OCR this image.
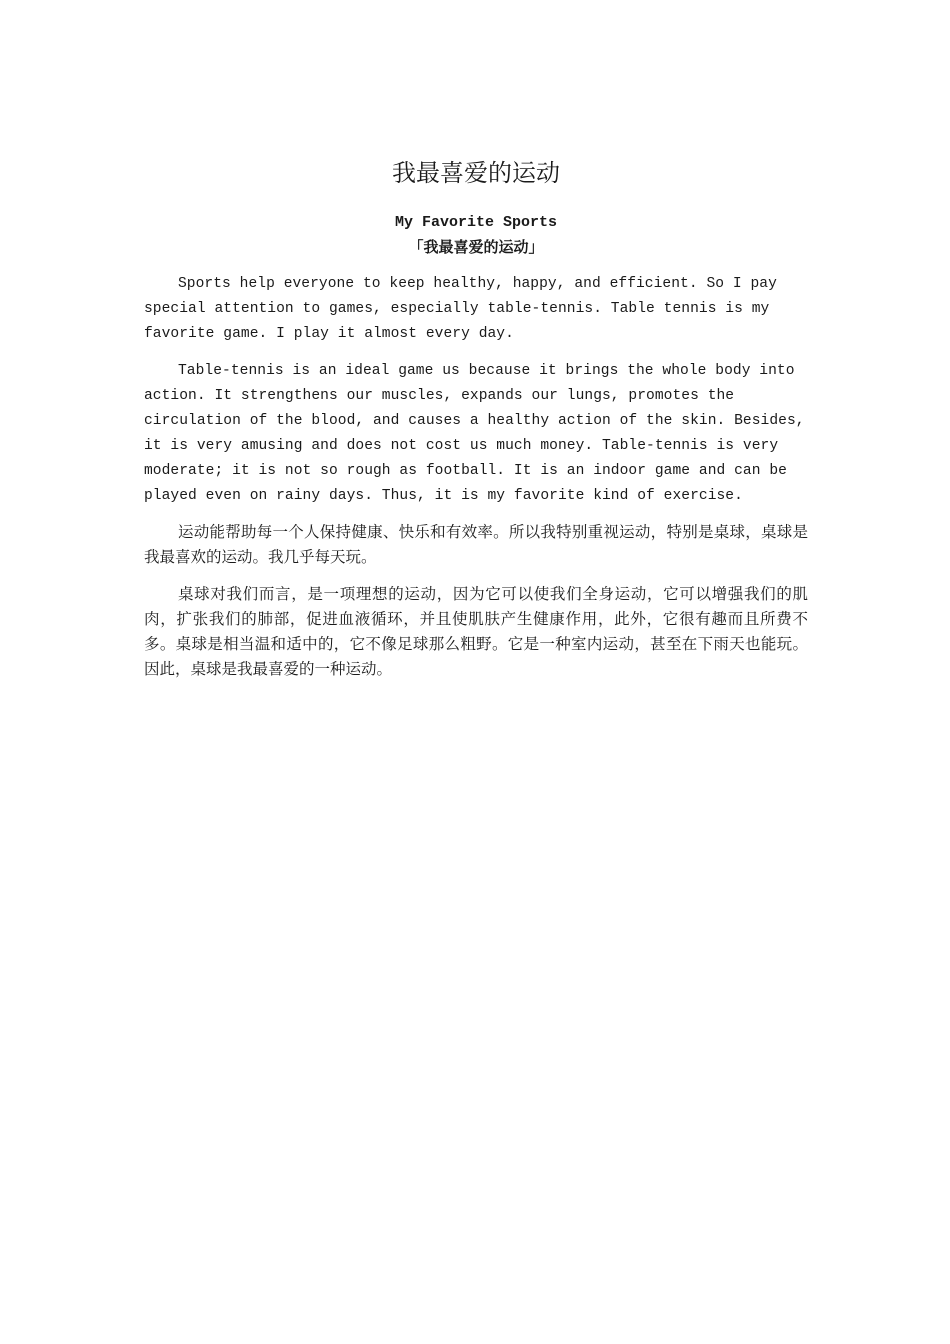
我最喜爱的运动
My Favorite Sports
「我最喜爱的运动」

Sports help everyone to keep healthy, happy, and efficient. So I pay special attention to games, especially table-tennis. Table tennis is my favorite game. I play it almost every day.

Table-tennis is an ideal game us because it brings the whole body into action. It strengthens our muscles, expands our lungs, promotes the circulation of the blood, and causes a healthy action of the skin. Besides, it is very amusing and does not cost us much money. Table-tennis is very moderate; it is not so rough as football. It is an indoor game and can be played even on rainy days. Thus, it is my favorite kind of exercise.

运动能帮助每一个人保持健康、快乐和有效率。所以我特别重视运动，特别是桌球，桌球是我最喜欢的运动。我几乎每天玩。

桌球对我们而言，是一项理想的运动，因为它可以使我们全身运动，它可以增强我们的肌肉，扩张我们的肺部，促进血液循环，并且使肌肤产生健康作用，此外，它很有趣而且所费不多。桌球是相当温和适中的，它不像足球那么粗野。它是一种室内运动，甚至在下雨天也能玩。因此，桌球是我最喜爱的一种运动。
